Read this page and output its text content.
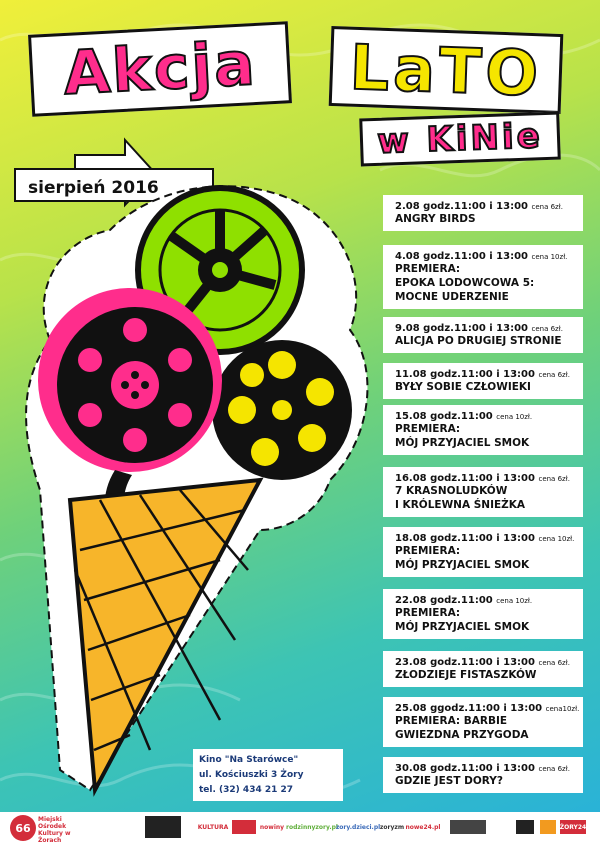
Akcja	LaTO
w KiNie
sierpień 2016
2.08 godz.11:00 i 13:00 cena 6zł.
ANGRY BIRDS
4.08 godz.11:00 i 13:00 cena 10zł.
PREMIERA:
EPOKA LODOWCOWA 5:
MOCNE UDERZENIE
9.08 godz.11:00 i 13:00 cena 6zł.
ALICJA PO DRUGIEJ STRONIE
11.08 godz.11:00 i 13:00 cena 6zł.
BYŁY SOBIE CZŁOWIEKI
15.08 godz.11:00 cena 10zł.
PREMIERA:
MÓJ PRZYJACIEL SMOK
16.08 godz.11:00 i 13:00 cena 6zł.
7 KRASNOLUDKÓW
I KRÓLEWNA ŚNIEŻKA
18.08 godz.11:00 i 13:00 cena 10zł.
PREMIERA:
MÓJ PRZYJACIEL SMOK
22.08 godz.11:00 cena 10zł.
PREMIERA:
MÓJ PRZYJACIEL SMOK
23.08 godz.11:00 i 13:00 cena 6zł.
ZŁODZIEJE FISTASZKÓW
25.08 ggodz.11:00 i 13:00 cena10zł.
PREMIERA: BARBIE
GWIEZDNA PRZYGODA
30.08 godz.11:00 i 13:00 cena 6zł.
GDZIE JEST DORY?
Kino "Na Starówce"
ul. Kościuszki 3 Żory
tel. (32) 434 21 27
66
Miejski Ośrodek Kultury w Żorach
KULTURA	nowiny rodzinnyzory.pl
zory.dzieci.pl zoryzm nowe24.pl	ŻORY24
